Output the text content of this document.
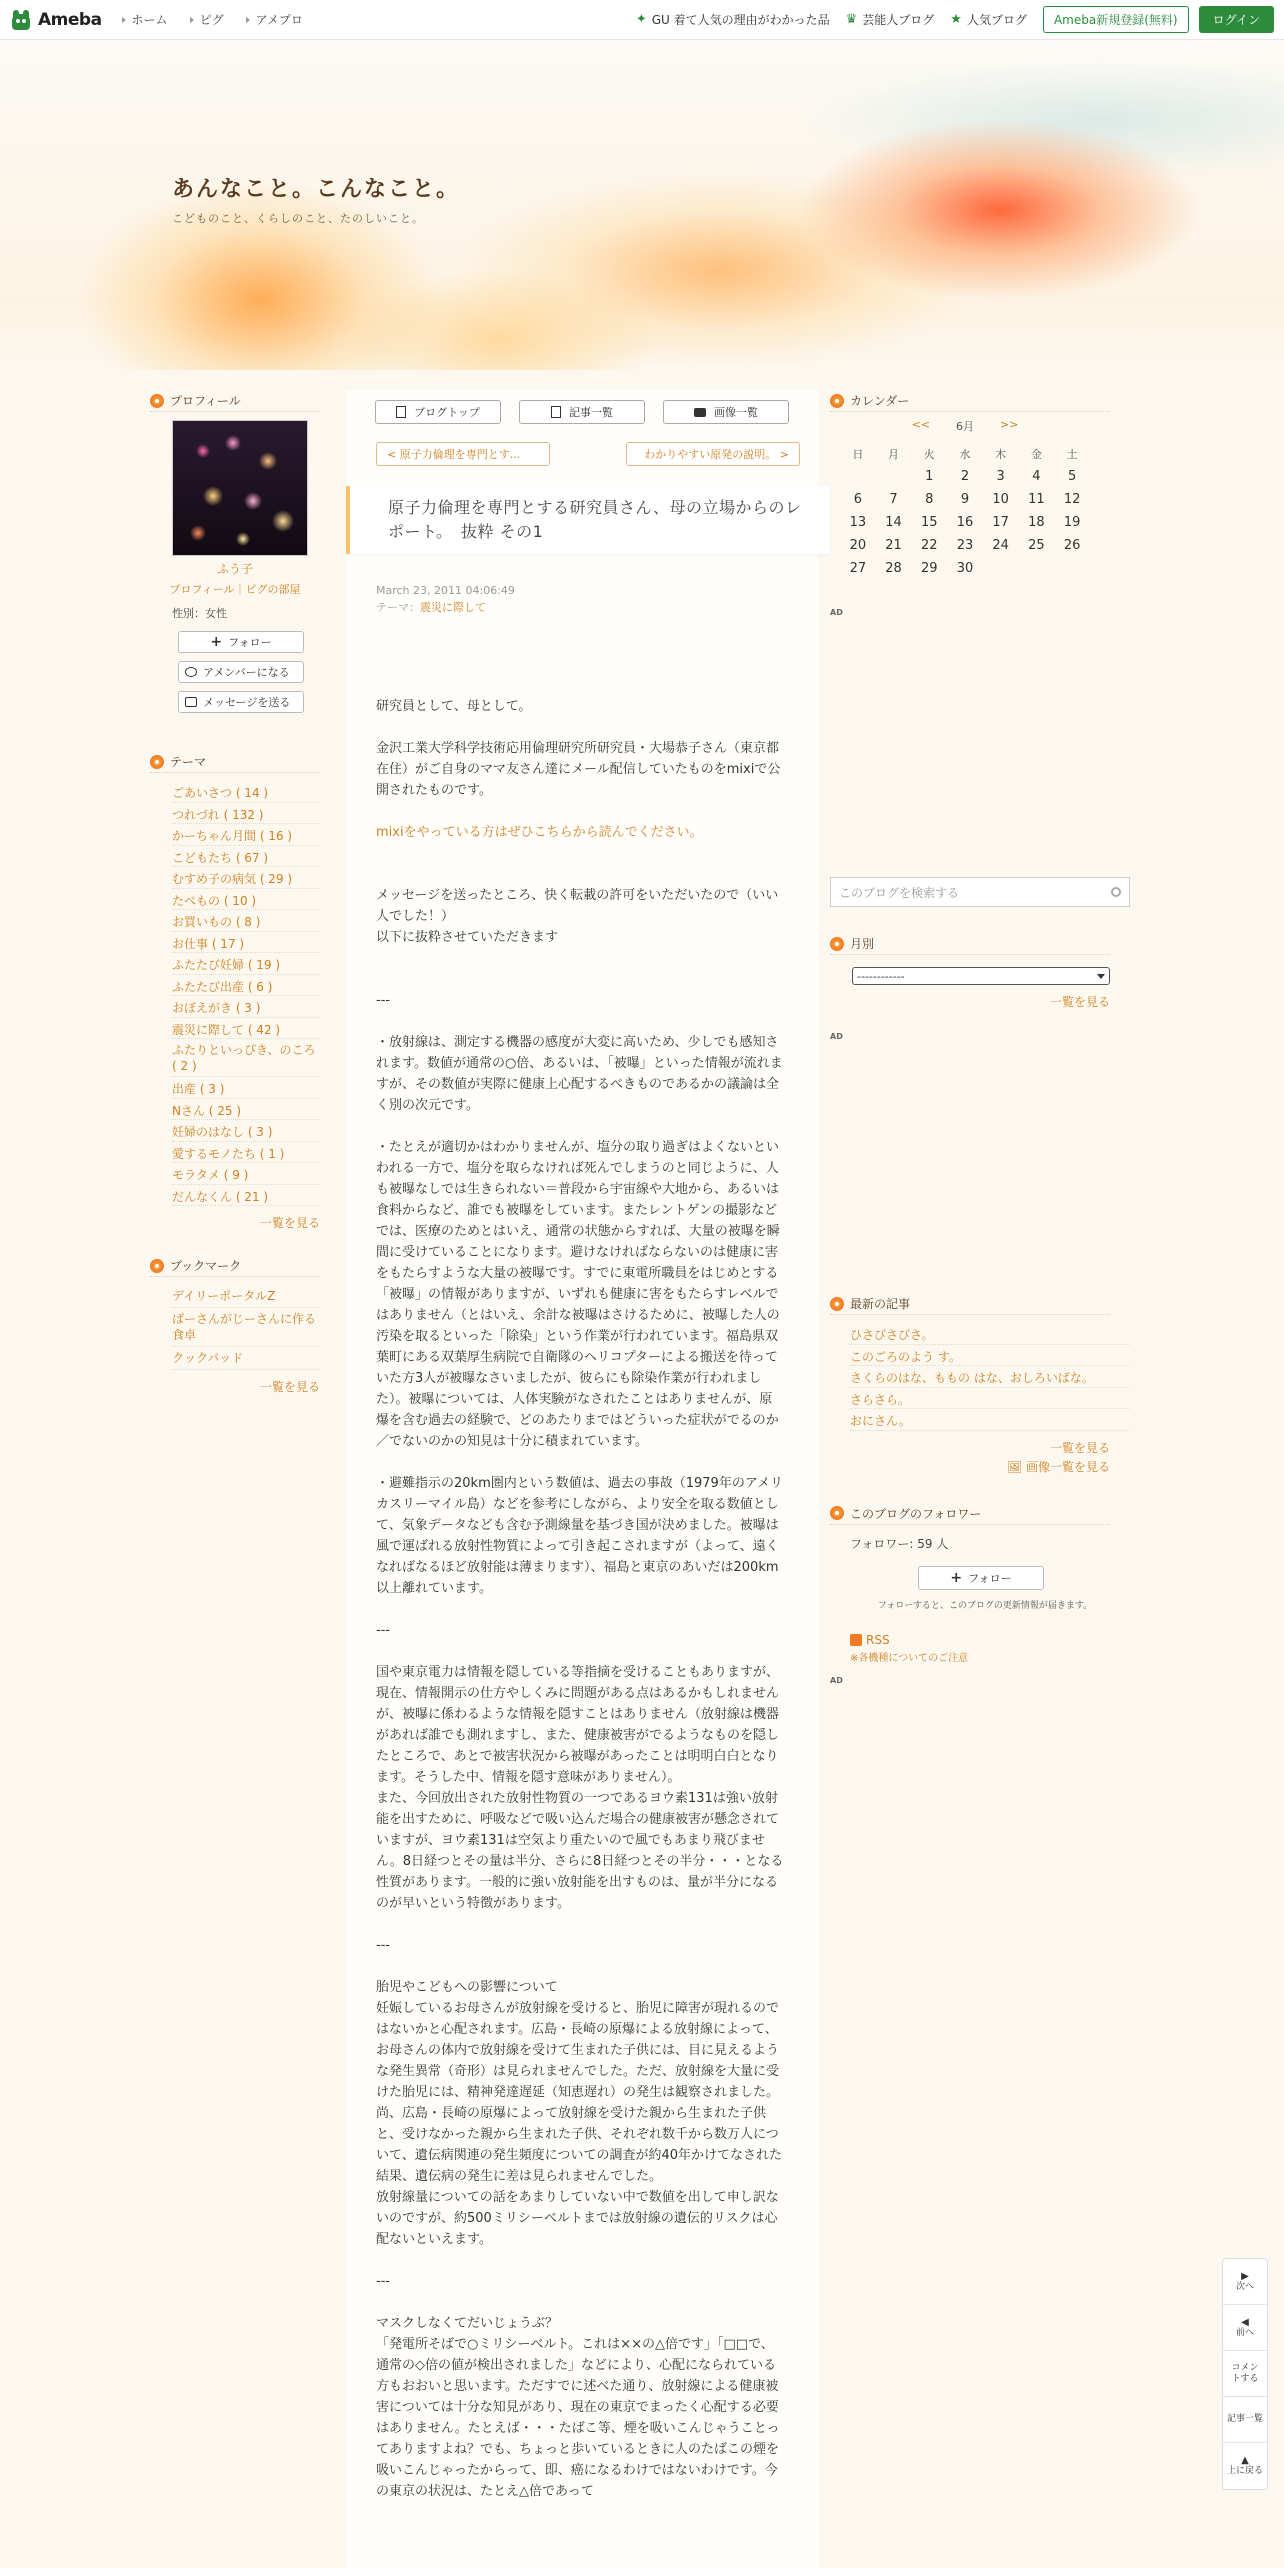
Ameba	ホーム	ピグ	アメプロ	✦ GU 着て人気の理由がわかった品 ♛ 芸能人ブログ ★ 人気ブログ	Ameba新規登録(無料)	ログイン
あんなこと。こんなこと。
こどものこと、くらしのこと、たのしいこと。
プロフィール
ふう子
プロフィール｜ピグの部屋
性別：女性
+ フォロー
アメンバーになる
メッセージを送る
テーマ
ごあいさつ ( 14 )
つれづれ ( 132 )
かーちゃん月間 ( 16 )
こどもたち ( 67 )
むすめ子の病気 ( 29 )
たべもの ( 10 )
お買いもの ( 8 )
お仕事 ( 17 )
ふたたび妊婦 ( 19 )
ふたたび出産 ( 6 )
おぼえがき ( 3 )
震災に際して ( 42 )
ふたりといっぴき、のころ ( 2 )
出産 ( 3 )
Nさん ( 25 )
妊婦のはなし ( 3 )
愛するモノたち ( 1 )
モラタメ ( 9 )
だんなくん ( 21 )
一覧を見る
ブックマーク
デイリーポータルZ
ばーさんがじーさんに作る食卓
クックパッド
一覧を見る
ブログトップ	記事一覧	画像一覧
< 原子力倫理を専門とす...	わかりやすい原発の説明。 >
原子力倫理を専門とする研究員さん、母の立場からのレポート。　抜粋 その1
March 23, 2011 04:06:49
テーマ：震災に際して

研究員として、母として。

金沢工業大学科学技術応用倫理研究所研究員・大場恭子さん（東京都在住）がご自身のママ友さん達にメール配信していたものをmixiで公開されたものです。

mixiをやっている方はぜひこちらから読んでください。

メッセージを送ったところ、快く転載の許可をいただいたので（いい人でした！）
以下に抜粋させていただきます

---

・放射線は、測定する機器の感度が大変に高いため、少しでも感知されます。数値が通常の○倍、あるいは、「被曝」といった情報が流れますが、その数値が実際に健康上心配するべきものであるかの議論は全く別の次元です。

・たとえが適切かはわかりませんが、塩分の取り過ぎはよくないといわれる一方で、塩分を取らなければ死んでしまうのと同じように、人も被曝なしでは生きられない＝普段から宇宙線や大地から、あるいは食料からなど、誰でも被曝をしています。またレントゲンの撮影などでは、医療のためとはいえ、通常の状態からすれば、大量の被曝を瞬間に受けていることになります。避けなければならないのは健康に害をもたらすような大量の被曝です。すでに東電所職員をはじめとする「被曝」の情報がありますが、いずれも健康に害をもたらすレベルではありません（とはいえ、余計な被曝はさけるために、被曝した人の汚染を取るといった「除染」という作業が行われています。福島県双葉町にある双葉厚生病院で自衛隊のヘリコプターによる搬送を待っていた方3人が被曝なさいましたが、彼らにも除染作業が行われました）。被曝については、人体実験がなされたことはありませんが、原爆を含む過去の経験で、どのあたりまではどういった症状がでるのか／でないのかの知見は十分に積まれています。

・避難指示の20km圏内という数値は、過去の事故（1979年のアメリカスリーマイル島）などを参考にしながら、より安全を取る数値として、気象データなども含む予測線量を基づき国が決めました。被曝は風で運ばれる放射性物質によって引き起こされますが（よって、遠くなればなるほど放射能は薄まります）、福島と東京のあいだは200km以上離れています。

---

国や東京電力は情報を隠している等指摘を受けることもありますが、現在、情報開示の仕方やしくみに問題がある点はあるかもしれませんが、被曝に係わるような情報を隠すことはありません（放射線は機器があれば誰でも測れますし、また、健康被害がでるようなものを隠したところで、あとで被害状況から被曝があったことは明明白白となります。そうした中、情報を隠す意味がありません）。
また、今回放出された放射性物質の一つであるヨウ素131は強い放射能を出すために、呼吸などで吸い込んだ場合の健康被害が懸念されていますが、ヨウ素131は空気より重たいので風でもあまり飛びません。8日経つとその量は半分、さらに8日経つとその半分・・・となる性質があります。一般的に強い放射能を出すものは、量が半分になるのが早いという特徴があります。

---

胎児やこどもへの影響について
妊娠しているお母さんが放射線を受けると、胎児に障害が現れるのではないかと心配されます。広島・長崎の原爆による放射線によって、お母さんの体内で放射線を受けて生まれた子供には、目に見えるような発生異常（奇形）は見られませんでした。ただ、放射線を大量に受けた胎児には、精神発達遅延（知恵遅れ）の発生は観察されました。
尚、広島・長崎の原爆によって放射線を受けた親から生まれた子供と、受けなかった親から生まれた子供、それぞれ数千から数万人について、遺伝病関連の発生頻度についての調査が約40年かけてなされた結果、遺伝病の発生に差は見られませんでした。
放射線量についての話をあまりしていない中で数値を出して申し訳ないのですが、約500ミリシーベルトまでは放射線の遺伝的リスクは心配ないといえます。

---

マスクしなくてだいじょうぶ？
「発電所そばで○ミリシーベルト。これは××の△倍です」「□□で、通常の◇倍の値が検出されました」などにより、心配になられている方もおおいと思います。ただすでに述べた通り、放射線による健康被害については十分な知見があり、現在の東京でまったく心配する必要はありません。たとえば・・・たばこ等、煙を吸いこんじゃうことってありますよね？でも、ちょっと歩いているときに人のたばこの煙を吸いこんじゃったからって、即、癌になるわけではないわけです。今の東京の状況は、たとえ△倍であって

カレンダー
<< 6月 >>
日	月	火	水	木	金	土
		1	2	3	4	5
6	7	8	9	10	11	12
13	14	15	16	17	18	19
20	21	22	23	24	25	26
27	28	29	30			
AD
このブログを検索する
月別
------------
一覧を見る
AD
最新の記事
ひさびさびさ。
このごろのよう す。
さくらのはな、ももの はな、おしろいばな。
さらさら。
おにさん。
一覧を見る
🖼 画像一覧を見る
このブログのフォロワー
フォロワー: 59 人
+ フォロー
フォローすると、このブログの更新情報が届きます。
RSS
※各機種についてのご注意
AD
▶
次へ
◀
前へ
コメントする
記事一覧
▲
上に戻る
